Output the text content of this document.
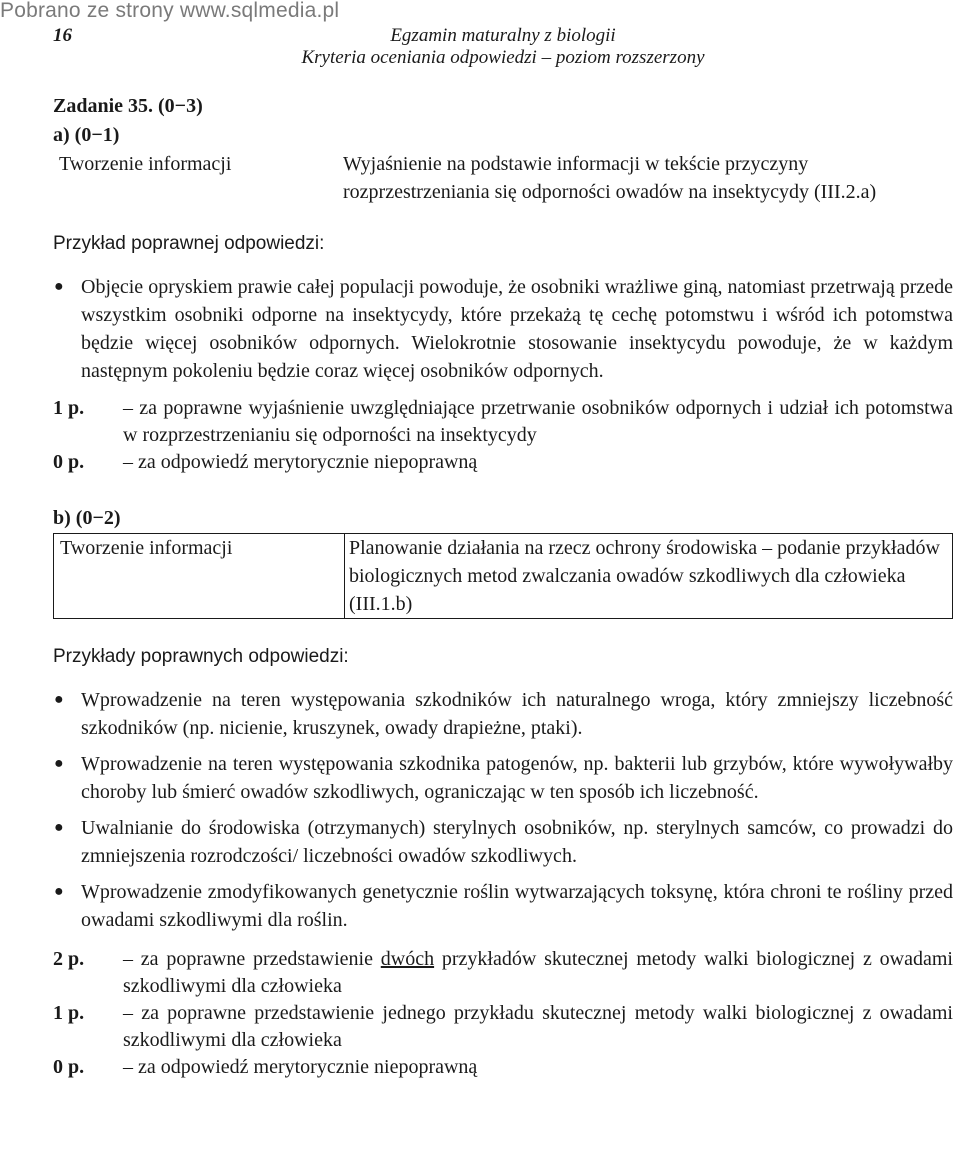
Pobrano ze strony www.sqlmedia.pl
16	Egzamin maturalny z biologii
Kryteria oceniania odpowiedzi – poziom rozszerzony

Zadanie 35. (0−3)

a) (0−1)

Tworzenie informacji	Wyjaśnienie na podstawie informacji w tekście przyczyny rozprzestrzeniania się odporności owadów na insektycydy (III.2.a)

Przykład poprawnej odpowiedzi:

● Objęcie opryskiem prawie całej populacji powoduje, że osobniki wrażliwe giną, natomiast przetrwają przede wszystkim osobniki odporne na insektycydy, które przekażą tę cechę potomstwu i wśród ich potomstwa będzie więcej osobników odpornych. Wielokrotnie stosowanie insektycydu powoduje, że w każdym następnym pokoleniu będzie coraz więcej osobników odpornych.
1 p. – za poprawne wyjaśnienie uwzględniające przetrwanie osobników odpornych i udział ich potomstwa w rozprzestrzenianiu się odporności na insektycydy
0 p. – za odpowiedź merytorycznie niepoprawną

b) (0−2)

Tworzenie informacji	Planowanie działania na rzecz ochrony środowiska – podanie przykładów biologicznych metod zwalczania owadów szkodliwych dla człowieka (III.1.b)

Przykłady poprawnych odpowiedzi:

● Wprowadzenie na teren występowania szkodników ich naturalnego wroga, który zmniejszy liczebność szkodników (np. nicienie, kruszynek, owady drapieżne, ptaki).
● Wprowadzenie na teren występowania szkodnika patogenów, np. bakterii lub grzybów, które wywoływałby choroby lub śmierć owadów szkodliwych, ograniczając w ten sposób ich liczebność.
● Uwalnianie do środowiska (otrzymanych) sterylnych osobników, np. sterylnych samców, co prowadzi do zmniejszenia rozrodczości/ liczebności owadów szkodliwych.
● Wprowadzenie zmodyfikowanych genetycznie roślin wytwarzających toksynę, która chroni te rośliny przed owadami szkodliwymi dla roślin.
2 p. – za poprawne przedstawienie dwóch przykładów skutecznej metody walki biologicznej z owadami szkodliwymi dla człowieka
1 p. – za poprawne przedstawienie jednego przykładu skutecznej metody walki biologicznej z owadami szkodliwymi dla człowieka
0 p. – za odpowiedź merytorycznie niepoprawną
